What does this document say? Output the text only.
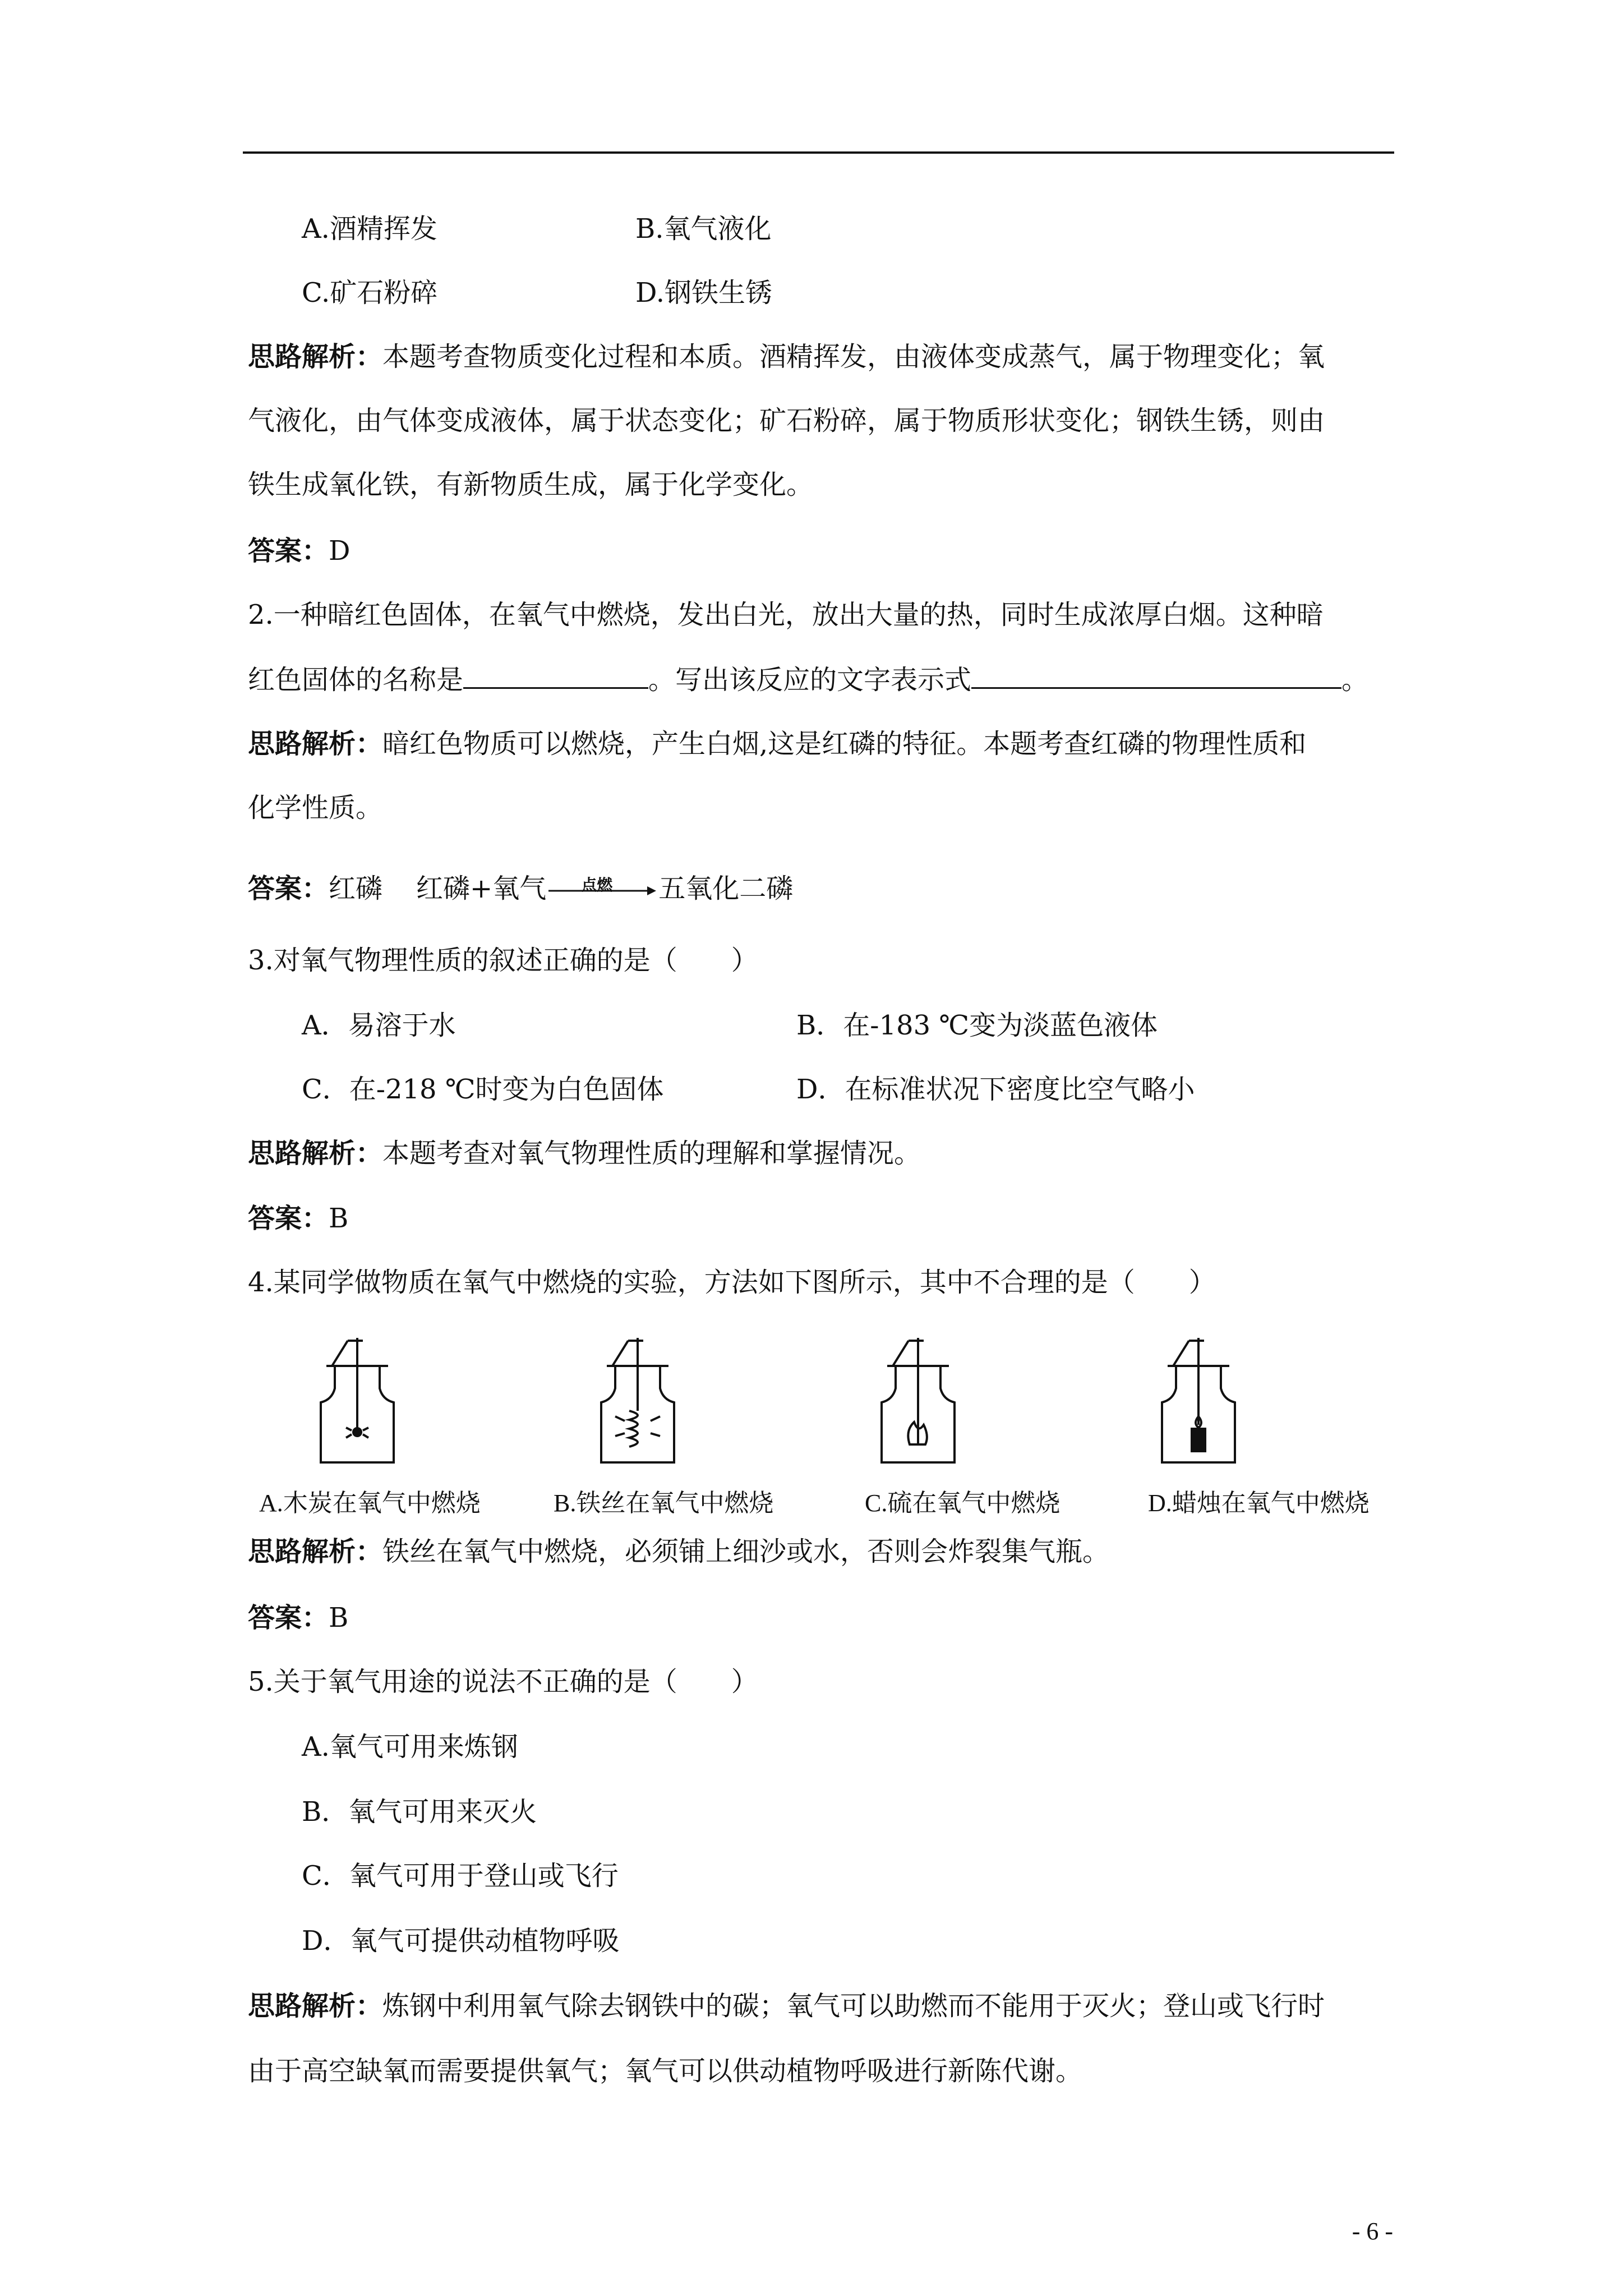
A.酒精挥发	B.氧气液化
C.矿石粉碎	D.钢铁生锈
思路解析：本题考查物质变化过程和本质。酒精挥发，由液体变成蒸气，属于物理变化；氧
气液化，由气体变成液体，属于状态变化；矿石粉碎，属于物质形状变化；钢铁生锈，则由
铁生成氧化铁，有新物质生成，属于化学变化。
答案：D
2.一种暗红色固体，在氧气中燃烧，发出白光，放出大量的热，同时生成浓厚白烟。这种暗
红色固体的名称是	。写出该反应的文字表示式	。
思路解析：暗红色物质可以燃烧，产生白烟,这是红磷的特征。本题考查红磷的物理性质和
化学性质。
答案：红磷 红磷+氧气 点燃 五氧化二磷
3.对氧气物理性质的叙述正确的是（　　）
A．易溶于水	B．在-183 ℃变为淡蓝色液体
C．在-218 ℃时变为白色固体	D．在标准状况下密度比空气略小
思路解析：本题考查对氧气物理性质的理解和掌握情况。
答案：B
4.某同学做物质在氧气中燃烧的实验，方法如下图所示，其中不合理的是（　　）
A.木炭在氧气中燃烧	B.铁丝在氧气中燃烧	C.硫在氧气中燃烧	D.蜡烛在氧气中燃烧
思路解析：铁丝在氧气中燃烧，必须铺上细沙或水，否则会炸裂集气瓶。
答案：B
5.关于氧气用途的说法不正确的是（　　）
A.氧气可用来炼钢
B．氧气可用来灭火
C．氧气可用于登山或飞行
D．氧气可提供动植物呼吸
思路解析：炼钢中利用氧气除去钢铁中的碳；氧气可以助燃而不能用于灭火；登山或飞行时
由于高空缺氧而需要提供氧气；氧气可以供动植物呼吸进行新陈代谢。
- 6 -
